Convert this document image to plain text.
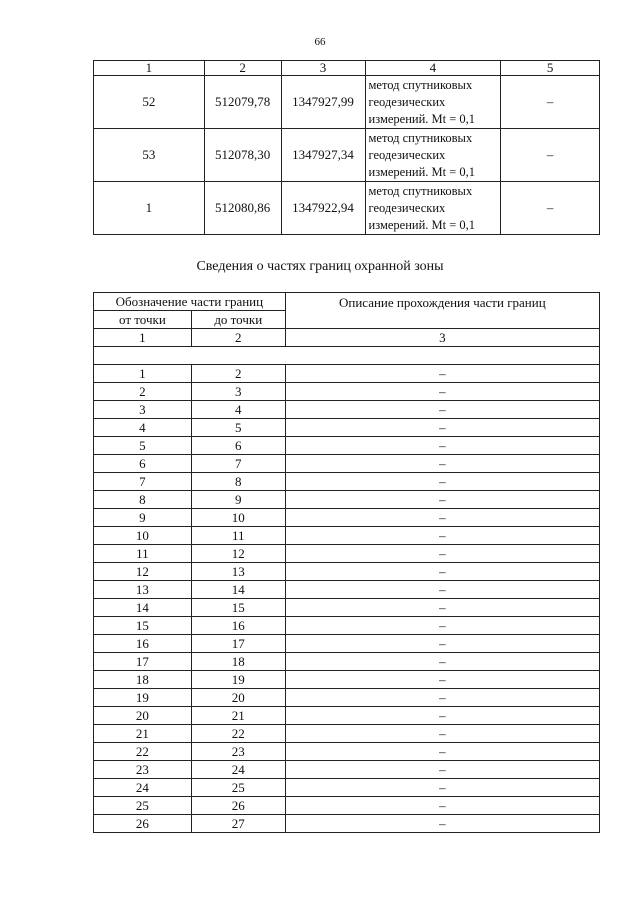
66
1	2	3	4	5
52	512079,78	1347927,99	метод спутниковых
геодезических
измерений. Mt = 0,1	–
53	512078,30	1347927,34	метод спутниковых
геодезических
измерений. Mt = 0,1	–
1	512080,86	1347922,94	метод спутниковых
геодезических
измерений. Mt = 0,1	–
Сведения о частях границ охранной зоны
Обозначение части границ		Описание прохождения части границ
от точки	до точки	
1	2	3

1	2	–
2	3	–
3	4	–
4	5	–
5	6	–
6	7	–
7	8	–
8	9	–
9	10	–
10	11	–
11	12	–
12	13	–
13	14	–
14	15	–
15	16	–
16	17	–
17	18	–
18	19	–
19	20	–
20	21	–
21	22	–
22	23	–
23	24	–
24	25	–
25	26	–
26	27	–
